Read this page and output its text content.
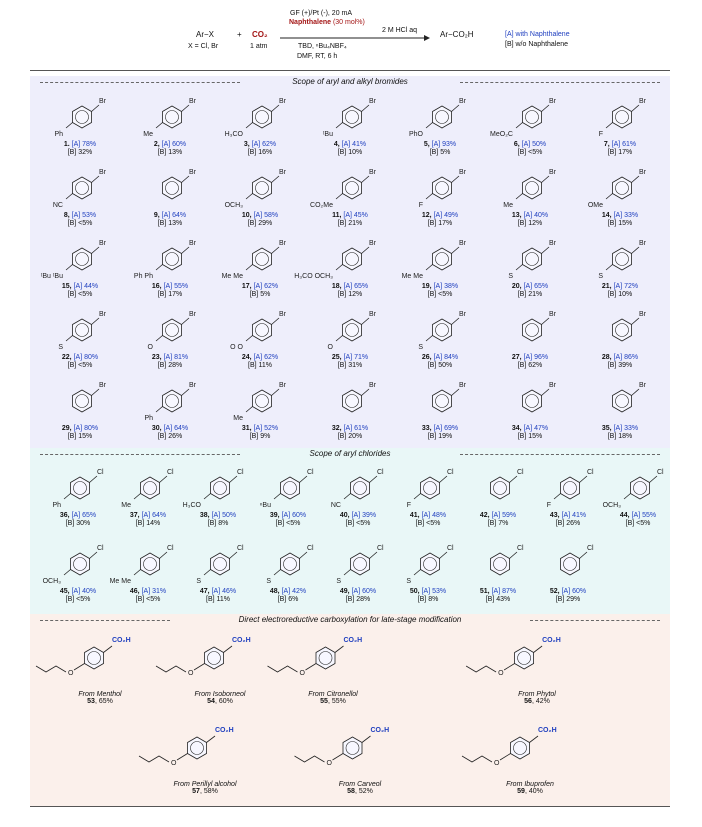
Ar−X
X = Cl, Br
+ CO₂
1 atm
GF (+)/Pt (-), 20 mA
Naphthalene (30 mol%)
TBD, ⁿBu₄NBF₄
DMF, RT, 6 h
2 M HCl aq	Ar−CO₂H	[A] with Naphthalene
[B] w/o Naphthalene
Scope of aryl and alkyl bromides
Br
Ph
1. [A] 78%
[B] 32%
Br
Me
2, [A] 60%
[B] 13%
Br
H₃CO
3, [A] 62%
[B] 16%
Br
ᵗBu
4, [A] 41%
[B] 10%
Br
PhO
5, [A] 93%
[B] 5%
Br
MeO₂C
6, [A] 50%
[B] <5%
Br
F
7, [A] 61%
[B] 17%
Br
NC
8, [A] 53%
[B] <5%
Br
9, [A] 64%
[B] 13%
Br
OCH₃
10, [A] 58%
[B] 29%
Br
CO₂Me
11, [A] 45%
[B] 21%
Br
F
12, [A] 49%
[B] 17%
Br
Me
13, [A] 40%
[B] 12%
Br
OMe
14, [A] 33%
[B] 15%
Br
ᵗBu ᵗBu
15, [A] 44%
[B] <5%
Br
Ph Ph
16, [A] 55%
[B] 17%
Br
Me Me
17, [A] 62%
[B] 5%
Br
H₃CO OCH₃
18, [A] 65%
[B] 12%
Br
Me Me
19, [A] 38%
[B] <5%
Br
S
20, [A] 65%
[B] 21%
Br
S
21, [A] 72%
[B] 10%
Br
S
22, [A] 80%
[B] <5%
Br
O
23, [A] 81%
[B] 28%
Br
O O
24, [A] 62%
[B] 11%
Br
O
25, [A] 71%
[B] 31%
Br
S
26, [A] 84%
[B] 50%
Br
27, [A] 96%
[B] 62%
Br
28, [A] 86%
[B] 39%
Br
29, [A] 80%
[B] 15%
Br
Ph
30, [A] 64%
[B] 26%
Br
Me
31, [A] 52%
[B] 9%
Br
32, [A] 61%
[B] 20%
Br
33, [A] 69%
[B] 19%
Br
34, [A] 47%
[B] 15%
Br
35, [A] 33%
[B] 18%
Scope of aryl chlorides
Cl
Ph
36, [A] 65%
[B] 30%
Cl
Me
37, [A] 64%
[B] 14%
Cl
H₃CO
38, [A] 50%
[B] 8%
Cl
ⁿBu
39, [A] 60%
[B] <5%
Cl
NC
40, [A] 39%
[B] <5%
Cl
F
41, [A] 48%
[B] <5%
Cl
42, [A] 59%
[B] 7%
Cl
F
43, [A] 41%
[B] 26%
Cl
OCH₃
44, [A] 55%
[B] <5%
Cl
OCH₃
45, [A] 40%
[B] <5%
Cl
Me Me
46, [A] 31%
[B] <5%
Cl
S
47, [A] 46%
[B] 11%
Cl
S
48, [A] 42%
[B] 6%
Cl
S
49, [A] 60%
[B] 28%
Cl
S
50, [A] 53%
[B] 8%
Cl
51, [A] 87%
[B] 43%
Cl
52, [A] 60%
[B] 29%
Direct electroreductive carboxylation for late-stage modification
O
CO₂H
From Menthol
53, 65%
O
CO₂H
From Isoborneol
54, 60%
O
CO₂H
From Citronellol
55, 55%
O
CO₂H
From Phytol
56, 42%
O
CO₂H
From Perillyl alcohol
57, 58%
O
CO₂H
From Carveol
58, 52%
O
CO₂H
From Ibuprofen
59, 40%
